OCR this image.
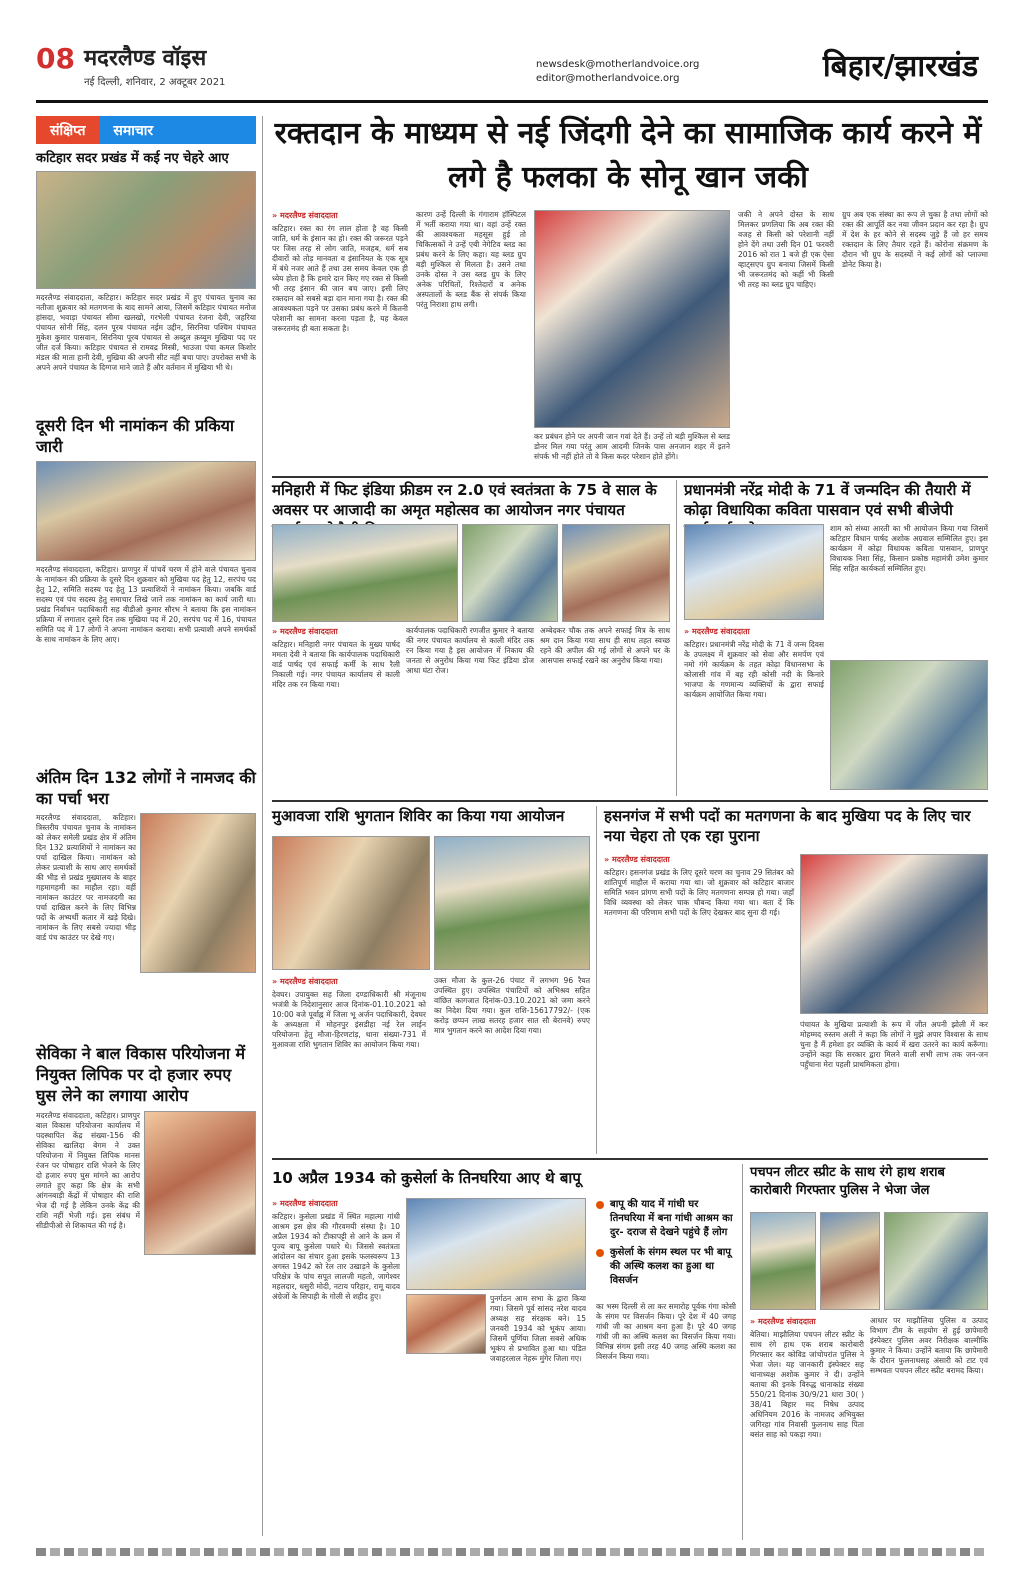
08 मदरलैण्ड वॉइस
नई दिल्ली, शनिवार, 2 अक्टूबर 2021
newsdesk@motherlandvoice.org
editor@motherlandvoice.org	बिहार/झारखंड
संक्षिप्त	समाचार
कटिहार सदर प्रखंड में कई नए चेहरे आए
मदरलैण्ड संवाददाता, कटिहार। कटिहार सदर प्रखंड में हुए पंचायत चुनाव का नतीजा शुक्रवार को मतगणना के बाद सामने आया, जिसमें कटिहार पंचायत मनोज हांसदा, भवाड़ा पंचायत सीमा खलखो, गरभेली पंचायत रंजना देवी, जहरिया पंचायत सोनी सिंह, दलन पूरब पंचायत नईम उद्दीन, सिरनिया पश्चिम पंचायत मुकेश कुमार पासवान, सिरनिया पूरब पंचायत से अब्दुल क़य्यूम मुखिया पद पर जीत दर्ज किया। कटिहार पंचायत से रामवद्र मिस्त्री, भाउजा पंचा कमल किशोर मंडल की माता हानी देवी, मुखिया की अपनी सीट नहीं बचा पाए। उपरोक्त सभी के अपने अपने पंचायत के दिग्गज माने जाते हैं और वर्तमान में मुखिया भी थे।
दूसरी दिन भी नामांकन की प्रकिया जारी
मदरलैण्ड संवाददाता, कटिहार। प्राणपुर में पांचवें चरण में होने वाले पंचायत चुनाव के नामांकन की प्रक्रिया के दूसरे दिन शुक्रवार को मुखिया पद हेतु 12, सरपंच पद हेतु 12, समिति सदस्य पद हेतु 13 प्रत्याशियों ने नामांकन किया। जबकि वार्ड सदस्य एवं पंच सदस्य हेतु समाचार लिखे जाने तक नामांकन का कार्य जारी था। प्रखंड निर्वाचन पदाधिकारी सह बीडीओ कुमार सौरभ ने बताया कि इस नामांकन प्रक्रिया में लगातार दूसरे दिन तक मुखिया पद में 20, सरपंच पद में 16, पंचायत समिति पद में 17 लोगों ने अपना नामांकन कराया। सभी प्रत्याशी अपने समर्थकों के साथ नामांकन के लिए आए।
अंतिम दिन 132 लोगों ने नामजद की का पर्चा भरा
मदरलैण्ड संवाददाता, कटिहार। त्रिस्तरीय पंचायत चुनाव के नामांकन को लेकर समेली प्रखंड क्षेत्र में अंतिम दिन 132 प्रत्याशियों ने नामांकन का पर्चा दाखिल किया। नामांकन को लेकर प्रत्याशी के साथ आए समर्थकों की भीड़ से प्रखंड मुख्यालय के बाहर गहमागहमी का माहौल रहा। वहीं नामांकन काउंटर पर नामजदगी का पर्चा दाखिल करने के लिए विभिन्न पदों के अभ्यर्थी कतार में खड़े दिखे। नामांकन के लिए सबसे ज्यादा भीड़ वार्ड पंच काउंटर पर देखे गए।
सेविका ने बाल विकास परियोजना में नियुक्त लिपिक पर दो हजार रुपए घुस लेने का लगाया आरोप
मदरलैण्ड संवाददाता, कटिहार। प्राणपुर बाल विकास परियोजना कार्यालय में पदस्थापित केंद्र संख्या-156 की सेविका खालिदा बेगम ने उक्त परियोजना में नियुक्त लिपिक मानस रंजन पर पोषाहार राशि भेजने के लिए दो हजार रुपए घुस मांगने का आरोप लगाते हुए कहा कि क्षेत्र के सभी आंगनबाड़ी केंद्रों में पोषाहार की राशि भेज दी गई है लेकिन उनके केंद्र की राशि नहीं भेजी गई। इस संबंध में सीडीपीओ से शिकायत की गई है।
रक्तदान के माध्यम से नई जिंदगी देने का सामाजिक कार्य करने में लगे है फलका के सोनू खान जकी
» मदरलैण्ड संवाददाता
कटिहार। रक्त का रंग लाल होता है वह किसी जाति, धर्म के इंसान का हो। रक्त की जरूरत पड़ने पर जिस तरह से लोग जाति, मजहब, धर्म सब दीवारों को तोड़ मानवता व इंसानियत के एक सूत्र में बंधे नजर आते हैं तथा उस समय केवल एक ही ध्येय होता है कि हमारे दान किए गए रक्त से किसी भी तरह इंसान की जान बच जाए। इसी लिए रक्तदान को सबसे बड़ा दान माना गया है। रक्त की आवश्यकता पड़ने पर उसका प्रबंध करने में कितनी परेशानी का सामना करना पड़ता है, यह केवल जरूरतमंद ही बता सकता है।
कारण उन्हें दिल्ली के गंगाराम हॉस्पिटल में भर्ती कराया गया था। वहां उन्हें रक्त की आवश्यकता महसूस हुई तो चिकित्सकों ने उन्हें एबी नेगेटिव ब्लड का प्रबंध करने के लिए कहा। यह ब्लड ग्रुप बड़ी मुश्किल से मिलता है। उसने तथा उनके दोस्त ने उस ब्लड ग्रुप के लिए अनेक परिचितों, रिश्तेदारों व अनेक अस्पतालों के ब्लड बैंक से संपर्क किया परंतु निराशा हाथ लगी।
कर प्रबंधन होने पर अपनी जान गवां देते हैं। उन्हें तो बड़ी मुश्किल से ब्लड डोनर मिल गया परंतु आम आदमी जिनके पास अनजान शहर में इतने संपर्क भी नहीं होते तो वे किस कदर परेशान होते होंगे।
जकी ने अपने दोस्त के साथ मिलकर प्रणलिया कि अब रक्त की वजह से किसी को परेशानी नहीं होने देंगे तथा उसी दिन 01 फरवरी 2016 को रात 1 बजे ही एक ऐसा व्हाट्सएप ग्रुप बनाया जिसमें किसी भी जरूरतमंद को कहीं भी किसी भी तरह का ब्लड ग्रुप चाहिए।
ग्रुप अब एक संस्था का रूप ले चुका है तथा लोगों को रक्त की आपूर्ति कर नया जीवन प्रदान कर रहा है। ग्रुप में देश के हर कोने से सदस्य जुड़े हैं जो हर समय रक्तदान के लिए तैयार रहते हैं। कोरोना संक्रमण के दौरान भी ग्रुप के सदस्यों ने कई लोगों को प्लाज्मा डोनेट किया है।
मनिहारी में फिट इंडिया फ्रीडम रन 2.0 एवं स्वतंत्रता के 75 वे साल के अवसर पर आजादी का अमृत महोत्सव का आयोजन नगर पंचायत
» मदरलैण्ड संवाददाता
कटिहार। मनिहारी नगर पंचायत के मुख्य पार्षद ममता देवी ने बताया कि कार्यपालक पदाधिकारी वार्ड पार्षद एवं सफाई कर्मी के साथ रैली निकाली गई। नगर पंचायत कार्यालय से काली मंदिर तक रन किया गया।
कार्यपालक पदाधिकारी रणजीत कुमार ने बताया की नगर पंचायत कार्यालय से काली मंदिर तक रन किया गया है इस आयोजन में निकाय की जनता से अनुरोध किया गया फिट इंडिया डोज आधा घंटा रोज।
अम्बेदकर चौक तक अपने सफाई मित्र के साथ श्रम दान किया गया साथ ही साथ तहत स्वच्छ रहने की अपील की गई लोगों से अपने घर के आसपास सफाई रखने का अनुरोध किया गया।
प्रधानमंत्री नरेंद्र मोदी के 71 वें जन्मदिन की तैयारी में कोढ़ा विधायिका कविता पासवान एवं सभी बीजेपी
शाम को संध्या आरती का भी आयोजन किया गया जिसमें कटिहार विधान पार्षद अशोक अग्रवाल सम्मिलित हुए। इस कार्यक्रम में कोढ़ा विधायक कविता पासवान, प्राणपुर विधायक निशा सिंह, किसान प्रकोष्ठ महामंत्री उमेश कुमार सिंह सहित कार्यकर्ता सम्मिलित हुए।
» मदरलैण्ड संवाददाता
कटिहार। प्रधानमंत्री नरेंद्र मोदी के 71 वें जन्म दिवस के उपलक्ष्य में शुक्रवार को सेवा और समर्पण एवं नमो गंगे कार्यक्रम के तहत कोढ़ा विधानसभा के कोलासी गांव में बह रही कोसी नदी के किनारे भाजपा के गणमान्य व्यक्तियों के द्वारा सफाई कार्यक्रम आयोजित किया गया।
मुआवजा राशि भुगतान शिविर का किया गया आयोजन
» मदरलैण्ड संवाददाता
देवघर। उपायुक्त सह जिला दण्डाधिकारी श्री मंजूनाथ भजंत्री के निदेशानुसार आज दिनांक-01.10.2021 को 10:00 बजे पूर्वाह्न में जिला भू अर्जन पदाधिकारी, देवघर के अध्यक्षता में मोहनपुर इंसडीहा नई रेल लाईन परियोजना हेतु मौजा-हिरणटांड़, थाना संख्या-731 में मुआवजा राशि भुगतान शिविर का आयोजन किया गया।
उक्त मौजा के कुल-26 पंचाट में लगभग 96 रैयत उपस्थित हुए। उपस्थित पंचाटियों को अभिश्रव सहित वांछित कागजात दिनांक-03.10.2021 को जमा करने का निदेश दिया गया। कुल राशि-15617792/- (एक करोड़ छप्पन लाख सतरह हजार सात सौ बेरानवे) रुपए मात्र भुगतान करने का आदेश दिया गया।
हसनगंज में सभी पदों का मतगणना के बाद मुखिया पद के लिए चार नया चेहरा तो एक रहा पुराना
» मदरलैण्ड संवाददाता
कटिहार। हसनगंज प्रखंड के लिए दूसरे चरण का चुनाव 29 सितंबर को शांतिपूर्ण माहौल में कराया गया था। जो शुक्रवार को कटिहार बाजार समिति भवन प्रांगण सभी पदों के लिए मतगणना सम्पन्न हो गया। जहाँ विधि व्यवस्था को लेकर चाक चौबन्द किया गया था। बता दें कि मतगणना की परिणाम सभी पदों के लिए देखकर बाद सुना दी गई।
पंचायत के मुखिया प्रत्याशी के रूप में जीत अपनी झोली में कर मोहम्मद रुस्तम अली ने कहा कि लोगों ने मुझे अपार विश्वास के साथ चुना है मैं हमेशा हर व्यक्ति के कार्य में खरा उतरने का कार्य करूँगा। उन्होंने कहा कि सरकार द्वारा मिलने वाली सभी लाभ तक जन-जन पहुँचाना मेरा पहली प्राथमिकता होगा।
10 अप्रैल 1934 को कुसेर्ला के तिनघरिया आए थे बापू
» मदरलैण्ड संवाददाता
कटिहार। कुसेला प्रखंड में स्थित महात्मा गांधी आश्रम इस क्षेत्र की गौरवमयी संस्था है। 10 अप्रैल 1934 को टीकापट्टी से आने के क्रम में पूज्य बापू कुसेला पधारे थे। जिससे स्वतंत्रता आंदोलन का संचार हुआ इसके फलस्वरूप 13 अगस्त 1942 को रेल तार उखाड़ने के कुसेला परिक्षेत्र के पांच सपूत लालजी महतो, जागेश्वर महलदार, धसुरी मोदी, नटाय परिहार, रामू यादव अंग्रेजों के सिपाही के गोली से शहीद हुए।	पुनर्गठन आम सभा के द्वारा किया गया। जिसमे पूर्व सांसद नरेश यादव अध्यक्ष सह संरक्षक बने। 15 जनवरी 1934 को भूकंप आया। जिसमें पूर्णिया जिला सबसे अधिक भूकंप से प्रभावित हुआ था। पंडित जवाहरलाल नेहरू मुंगेर जिला गए।
बापू की याद में गांधी घर तिनघरिया में बना गांधी आश्रम का दुर- दराज से देखने पहुंचे हैं लोग
कुसेर्ला के संगम स्थल पर भी बापू की अस्थि कलश का हुआ था विसर्जन
का भस्म दिल्ली से ला कर समारोह पूर्वक गंगा कोसी के संगम पर विसर्जन किया। पूरे देश में 40 जगह गांधी जी का आश्रम बना हुआ है। पूरे 40 जगह गांधी जी का अस्थि कलश का विसर्जन किया गया। विभिन्न संगम इसी तरह 40 जगह अस्थि कलश का विसर्जन किया गया।
पचपन लीटर स्प्रीट के साथ रंगे हाथ शराब कारोबारी गिरफ्तार पुलिस ने भेजा जेल
» मदरलैण्ड संवाददाता
बेतिया। माझौलिया पचपन लीटर स्प्रीट के साथ रंगे हाथ एक शराब कारोबारी गिरफ्तार कर कोविड जांचोपरांत पुलिस ने भेजा जेल। यह जानकारी इंस्पेक्टर सह थानाध्यक्ष अशोक कुमार ने दी। उन्होंने बताया की इनके विरुद्ध थानाकांड संख्या 550/21 दिनांक 30/9/21 धारा 30( ) 38/41 बिहार मद निषेध उत्पाद अधिनियम 2016 के नामजद अभियुक्त जगिरहा गांव निवासी फुलनाथ साह पिता बसंत साह को पकड़ा गया।
आधार पर माझौलिया पुलिस व उत्पाद विभाग टीम के सहयोग से हुई छापेमारी इंस्पेक्टर पुलिस अवर निरीक्षक बाल्मीकि कुमार ने किया। उन्होंने बताया कि छापेमारी के दौरान फुलनाथसह अंसारी को टाट एवं सम्भवतः पचपन लीटर स्प्रीट बरामद किया।
